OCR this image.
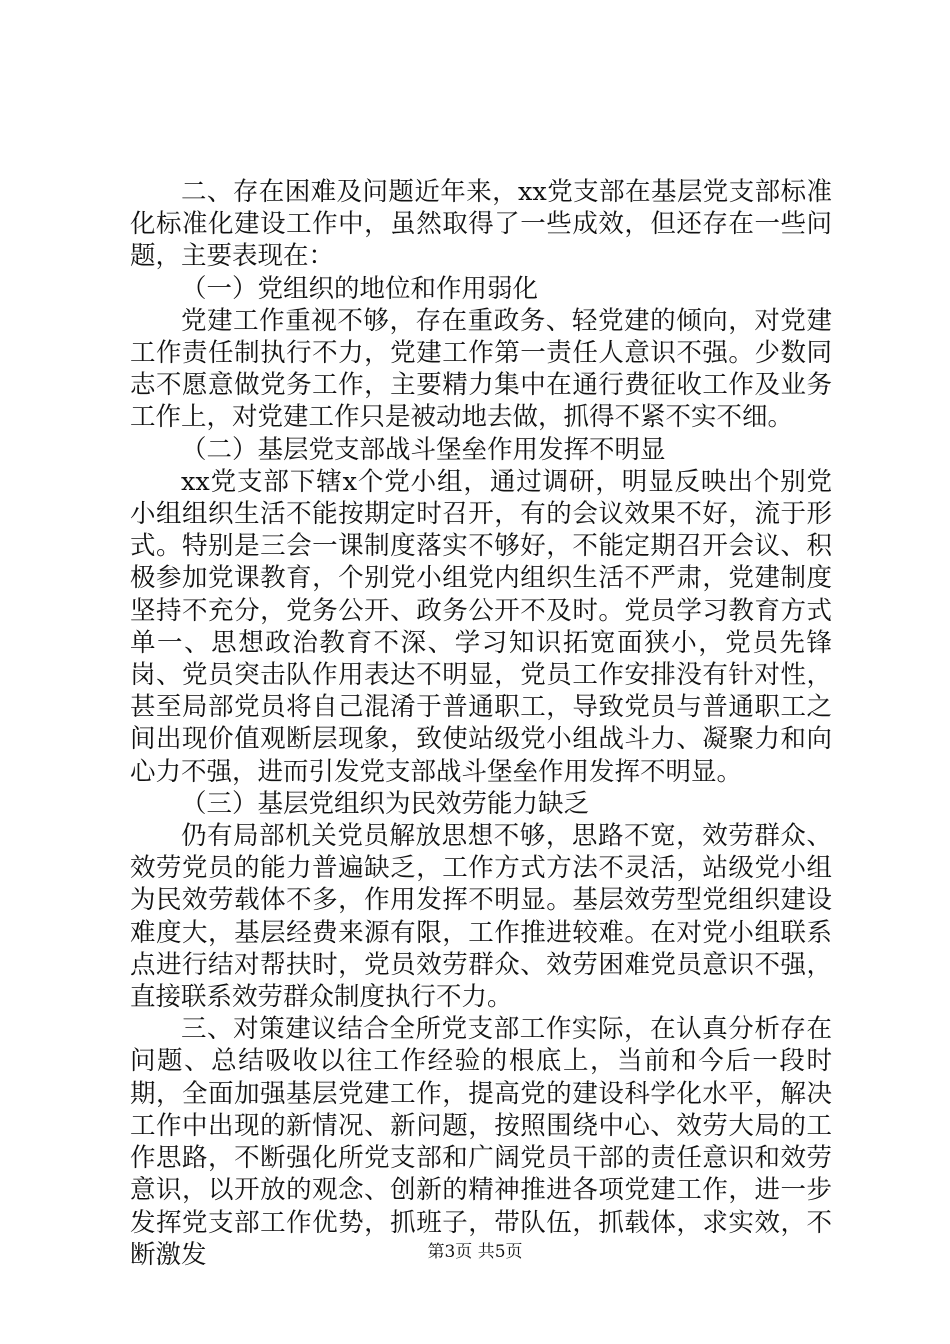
二、存在困难及问题近年来，xx党支部在基层党支部标准化标准化建设工作中，虽然取得了一些成效，但还存在一些问题，主要表现在：

（一）党组织的地位和作用弱化

党建工作重视不够，存在重政务、轻党建的倾向，对党建工作责任制执行不力，党建工作第一责任人意识不强。少数同志不愿意做党务工作，主要精力集中在通行费征收工作及业务工作上，对党建工作只是被动地去做，抓得不紧不实不细。

（二）基层党支部战斗堡垒作用发挥不明显

xx党支部下辖x个党小组，通过调研，明显反映出个别党小组组织生活不能按期定时召开，有的会议效果不好，流于形式。特别是三会一课制度落实不够好，不能定期召开会议、积极参加党课教育，个别党小组党内组织生活不严肃，党建制度坚持不充分，党务公开、政务公开不及时。党员学习教育方式单一、思想政治教育不深、学习知识拓宽面狭小，党员先锋岗、党员突击队作用表达不明显，党员工作安排没有针对性，甚至局部党员将自己混淆于普通职工，导致党员与普通职工之间出现价值观断层现象，致使站级党小组战斗力、凝聚力和向心力不强，进而引发党支部战斗堡垒作用发挥不明显。

（三）基层党组织为民效劳能力缺乏

仍有局部机关党员解放思想不够，思路不宽，效劳群众、效劳党员的能力普遍缺乏，工作方式方法不灵活，站级党小组为民效劳载体不多，作用发挥不明显。基层效劳型党组织建设难度大，基层经费来源有限，工作推进较难。在对党小组联系点进行结对帮扶时，党员效劳群众、效劳困难党员意识不强，直接联系效劳群众制度执行不力。

三、对策建议结合全所党支部工作实际，在认真分析存在问题、总结吸收以往工作经验的根底上，当前和今后一段时期，全面加强基层党建工作，提高党的建设科学化水平，解决工作中出现的新情况、新问题，按照围绕中心、效劳大局的工作思路，不断强化所党支部和广阔党员干部的责任意识和效劳意识，以开放的观念、创新的精神推进各项党建工作，进一步发挥党支部工作优势，抓班子，带队伍，抓载体，求实效，不断激发	第3页 共5页
